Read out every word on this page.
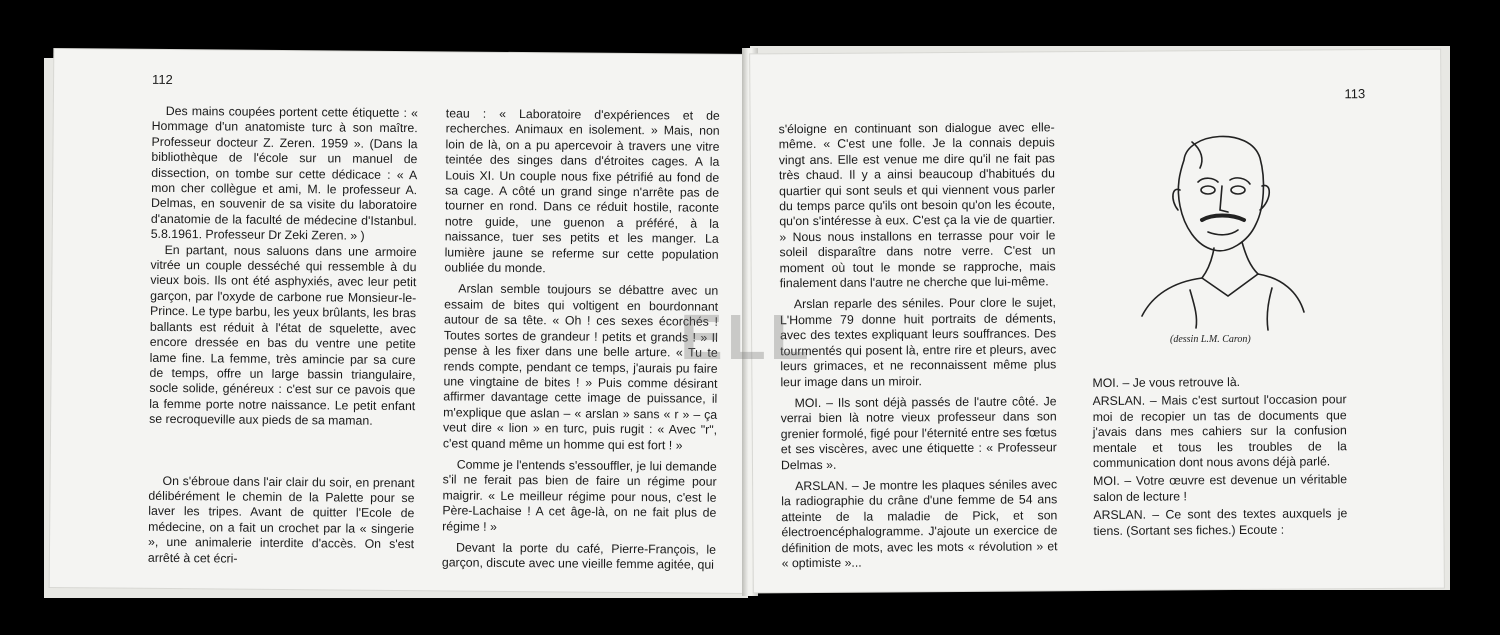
112

Des mains coupées portent cette étiquette : « Hommage d'un anatomiste turc à son maître. Professeur docteur Z. Zeren. 1959 ». (Dans la bibliothèque de l'école sur un manuel de dissection, on tombe sur cette dédicace : « A mon cher collègue et ami, M. le professeur A. Delmas, en souvenir de sa visite du laboratoire d'anatomie de la faculté de médecine d'Istanbul. 5.8.1961. Professeur Dr Zeki Zeren. » )

En partant, nous saluons dans une armoire vitrée un couple desséché qui ressemble à du vieux bois. Ils ont été asphyxiés, avec leur petit garçon, par l'oxyde de carbone rue Monsieur-le-Prince. Le type barbu, les yeux brûlants, les bras ballants est réduit à l'état de squelette, avec encore dressée en bas du ventre une petite lame fine. La femme, très amincie par sa cure de temps, offre un large bassin triangulaire, socle solide, généreux : c'est sur ce pavois que la femme porte notre naissance. Le petit enfant se recroqueville aux pieds de sa maman.

On s'ébroue dans l'air clair du soir, en prenant délibérément le chemin de la Palette pour se laver les tripes. Avant de quitter l'Ecole de médecine, on a fait un crochet par la « singerie », une animalerie interdite d'accès. On s'est arrêté à cet écri-

teau : « Laboratoire d'expériences et de recherches. Animaux en isolement. » Mais, non loin de là, on a pu apercevoir à travers une vitre teintée des singes dans d'étroites cages. A la Louis XI. Un couple nous fixe pétrifié au fond de sa cage. A côté un grand singe n'arrête pas de tourner en rond. Dans ce réduit hostile, raconte notre guide, une guenon a préféré, à la naissance, tuer ses petits et les manger. La lumière jaune se referme sur cette population oubliée du monde.

Arslan semble toujours se débattre avec un essaim de bites qui voltigent en bourdonnant autour de sa tête. « Oh ! ces sexes écorchés ! Toutes sortes de grandeur ! petits et grands ! » Il pense à les fixer dans une belle arture. « Tu te rends compte, pendant ce temps, j'aurais pu faire une vingtaine de bites ! » Puis comme désirant affirmer davantage cette image de puissance, il m'explique que aslan – « arslan » sans « r » – ça veut dire « lion » en turc, puis rugit : « Avec "r", c'est quand même un homme qui est fort ! »

Comme je l'entends s'essouffler, je lui demande s'il ne ferait pas bien de faire un régime pour maigrir. « Le meilleur régime pour nous, c'est le Père-Lachaise ! A cet âge-là, on ne fait plus de régime ! »

Devant la porte du café, Pierre-François, le garçon, discute avec une vieille femme agitée, qui

113

s'éloigne en continuant son dialogue avec elle-même. « C'est une folle. Je la connais depuis vingt ans. Elle est venue me dire qu'il ne fait pas très chaud. Il y a ainsi beaucoup d'habitués du quartier qui sont seuls et qui viennent vous parler du temps parce qu'ils ont besoin qu'on les écoute, qu'on s'intéresse à eux. C'est ça la vie de quartier. » Nous nous installons en terrasse pour voir le soleil disparaître dans notre verre. C'est un moment où tout le monde se rapproche, mais finalement dans l'autre ne cherche que lui-même.

Arslan reparle des séniles. Pour clore le sujet, L'Homme 79 donne huit portraits de déments, avec des textes expliquant leurs souffrances. Des tourmentés qui posent là, entre rire et pleurs, avec leurs grimaces, et ne reconnaissent même plus leur image dans un miroir.

MOI. – Ils sont déjà passés de l'autre côté. Je verrai bien là notre vieux professeur dans son grenier formolé, figé pour l'éternité entre ses fœtus et ses viscères, avec une étiquette : « Professeur Delmas ».

ARSLAN. – Je montre les plaques séniles avec la radiographie du crâne d'une femme de 54 ans atteinte de la maladie de Pick, et son électroencéphalogramme. J'ajoute un exercice de définition de mots, avec les mots « révolution » et « optimiste »...

MOI. – Je vous retrouve là.

ARSLAN. – Mais c'est surtout l'occasion pour moi de recopier un tas de documents que j'avais dans mes cahiers sur la confusion mentale et tous les troubles de la communication dont nous avons déjà parlé.

MOI. – Votre œuvre est devenue un véritable salon de lecture !

ARSLAN. – Ce sont des textes auxquels je tiens. (Sortant ses fiches.) Ecoute :

(dessin L.M. Caron)
ELL
